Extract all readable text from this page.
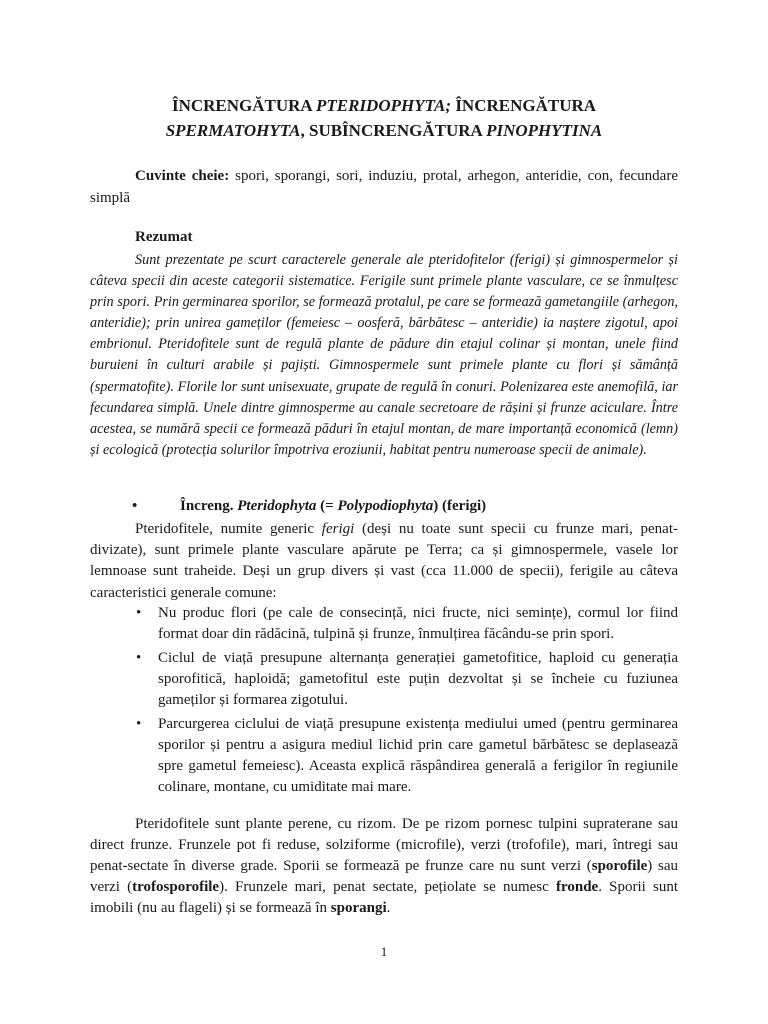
ÎNCRENGĂTURA PTERIDOPHYTA; ÎNCRENGĂTURA
SPERMATOHYTA, SUBÎNCRENGĂTURA PINOPHYTINA

Cuvinte cheie: spori, sporangi, sori, induziu, protal, arhegon, anteridie, con, fecundare simplă

Rezumat

Sunt prezentate pe scurt caracterele generale ale pteridofitelor (ferigi) și gimnospermelor și câteva specii din aceste categorii sistematice. Ferigile sunt primele plante vasculare, ce se înmulțesc prin spori. Prin germinarea sporilor, se formează protalul, pe care se formează gametangiile (arhegon, anteridie); prin unirea gameților (femeiesc – oosferă, bărbătesc – anteridie) ia naștere zigotul, apoi embrionul. Pteridofitele sunt de regulă plante de pădure din etajul colinar și montan, unele fiind buruieni în culturi arabile și pajiști. Gimnospermele sunt primele plante cu flori și sămânță (spermatofite). Florile lor sunt unisexuate, grupate de regulă în conuri. Polenizarea este anemofilă, iar fecundarea simplă. Unele dintre gimnosperme au canale secretoare de rășini și frunze aciculare. Între acestea, se numără specii ce formează păduri în etajul montan, de mare importanță economică (lemn) și ecologică (protecția solurilor împotriva eroziunii, habitat pentru numeroase specii de animale).

•	Încreng. Pteridophyta (= Polypodiophyta) (ferigi)

Pteridofitele, numite generic ferigi (deși nu toate sunt specii cu frunze mari, penat-divizate), sunt primele plante vasculare apărute pe Terra; ca și gimnospermele, vasele lor lemnoase sunt traheide. Deși un grup divers și vast (cca 11.000 de specii), ferigile au câteva caracteristici generale comune:

• Nu produc flori (pe cale de consecință, nici fructe, nici semințe), cormul lor fiind format doar din rădăcină, tulpină și frunze, înmulțirea făcându-se prin spori.
• Ciclul de viață presupune alternanța generației gametofitice, haploid cu generația sporofitică, haploidă; gametofitul este puțin dezvoltat și se încheie cu fuziunea gameților și formarea zigotului.
• Parcurgerea ciclului de viață presupune existența mediului umed (pentru germinarea sporilor și pentru a asigura mediul lichid prin care gametul bărbătesc se deplasează spre gametul femeiesc). Aceasta explică răspândirea generală a ferigilor în regiunile colinare, montane, cu umiditate mai mare.

Pteridofitele sunt plante perene, cu rizom. De pe rizom pornesc tulpini supraterane sau direct frunze. Frunzele pot fi reduse, solziforme (microfile), verzi (trofofile), mari, întregi sau penat-sectate în diverse grade. Sporii se formează pe frunze care nu sunt verzi (sporofile) sau verzi (trofosporofile). Frunzele mari, penat sectate, pețiolate se numesc fronde. Sporii sunt imobili (nu au flageli) și se formează în sporangi.

1
